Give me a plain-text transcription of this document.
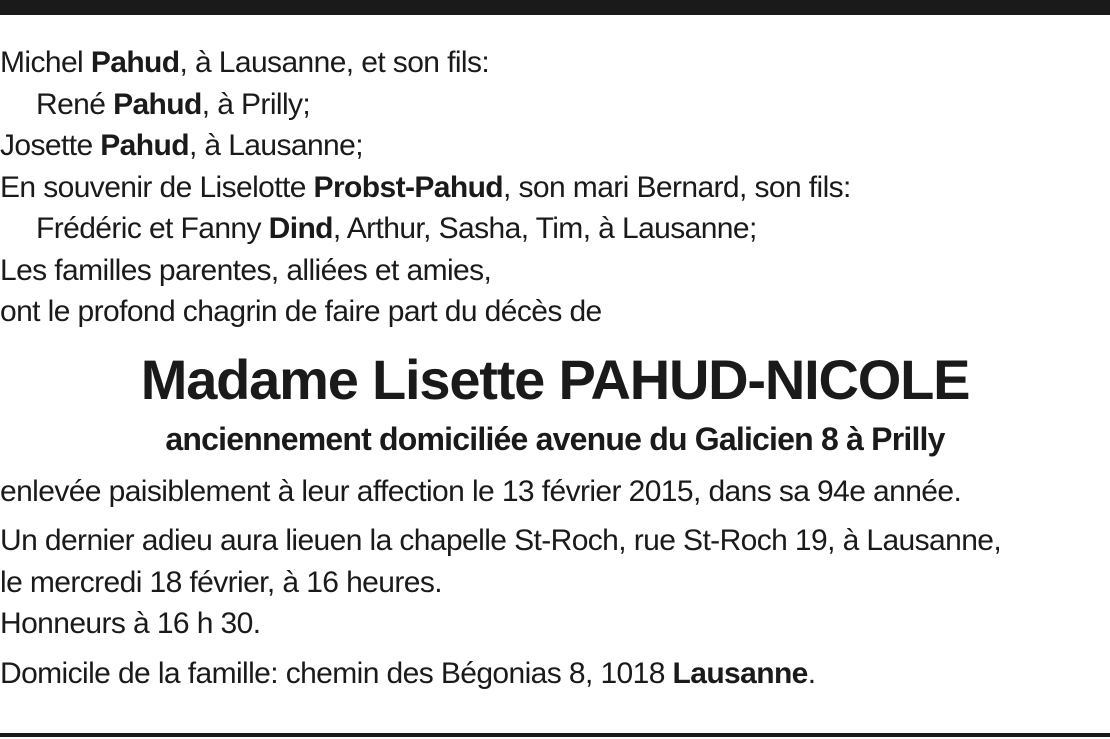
Michel Pahud, à Lausanne, et son fils:
René Pahud, à Prilly;
Josette Pahud, à Lausanne;
En souvenir de Liselotte Probst-Pahud, son mari Bernard, son fils:
Frédéric et Fanny Dind, Arthur, Sasha, Tim, à Lausanne;
Les familles parentes, alliées et amies,
ont le profond chagrin de faire part du décès de
Madame Lisette PAHUD-NICOLE
anciennement domiciliée avenue du Galicien 8 à Prilly
enlevée paisiblement à leur affection le 13 février 2015, dans sa 94e année.
Un dernier adieu aura lieuen la chapelle St-Roch, rue St-Roch 19, à Lausanne,
le mercredi 18 février, à 16 heures.
Honneurs à 16 h 30.
Domicile de la famille: chemin des Bégonias 8, 1018 Lausanne.
